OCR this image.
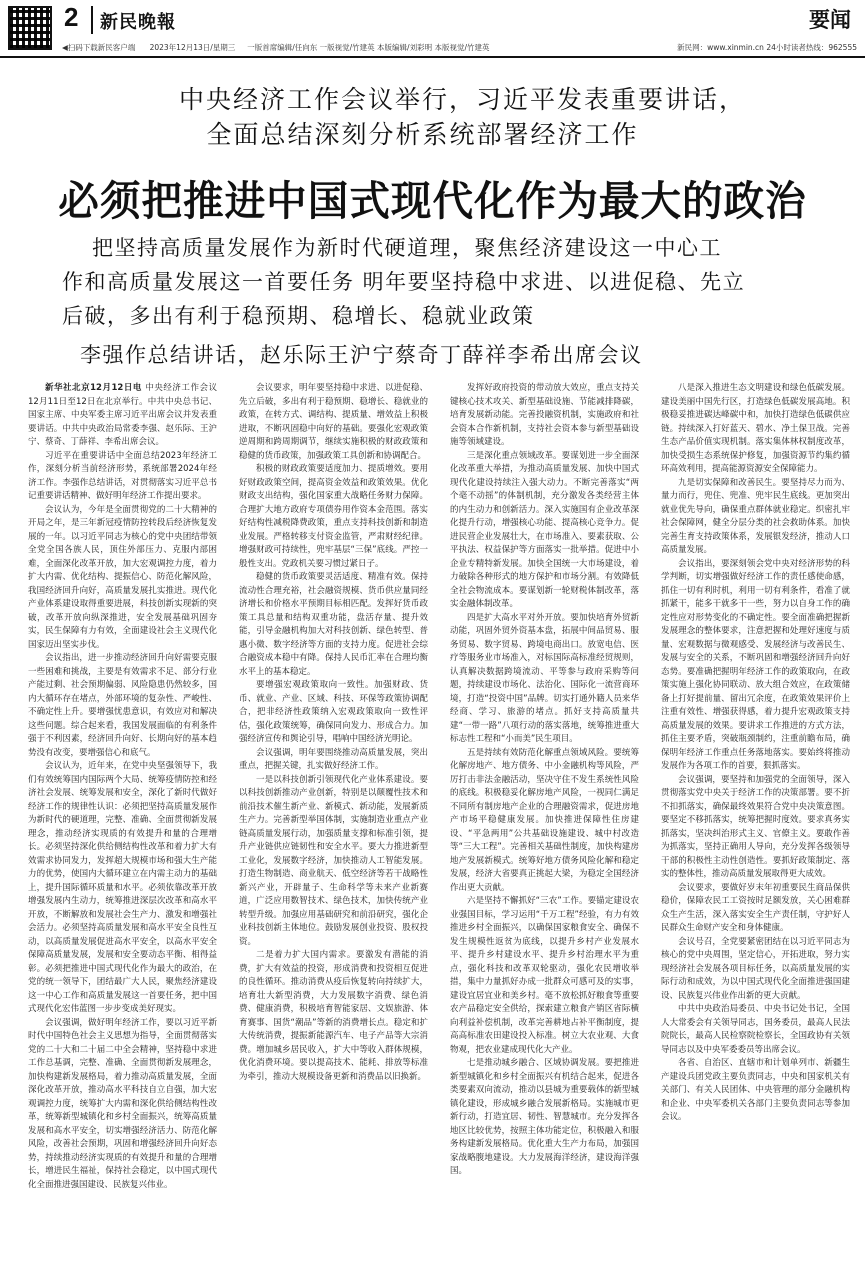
2 新民晚報	要闻
◀扫码下载新民客户端 2023年12月13日/星期三 一版首席编辑/任向东 一版视觉/竹建英 本版编辑/刘彩明 本版视觉/竹建英	新民网：www.xinmin.cn 24小时读者热线：962555
中央经济工作会议举行，习近平发表重要讲话，
全面总结深刻分析系统部署经济工作
必须把推进中国式现代化作为最大的政治
把坚持高质量发展作为新时代硬道理，聚焦经济建设这一中心工
作和高质量发展这一首要任务 明年要坚持稳中求进、以进促稳、先立
后破，多出有利于稳预期、稳增长、稳就业政策
李强作总结讲话，赵乐际王沪宁蔡奇丁薛祥李希出席会议

新华社北京12月12日电 中央经济工作会议12月11日至12日在北京举行。中共中央总书记、国家主席、中央军委主席习近平出席会议并发表重要讲话。中共中央政治局常委李强、赵乐际、王沪宁、蔡奇、丁薛祥、李希出席会议。

习近平在重要讲话中全面总结2023年经济工作，深刻分析当前经济形势，系统部署2024年经济工作。李强作总结讲话，对贯彻落实习近平总书记重要讲话精神、做好明年经济工作提出要求。

会议认为，今年是全面贯彻党的二十大精神的开局之年，是三年新冠疫情防控转段后经济恢复发展的一年。以习近平同志为核心的党中央团结带领全党全国各族人民，顶住外部压力、克服内部困难，全面深化改革开放，加大宏观调控力度，着力扩大内需、优化结构、提振信心、防范化解风险，我国经济回升向好，高质量发展扎实推进。现代化产业体系建设取得重要进展，科技创新实现新的突破，改革开放向纵深推进，安全发展基础巩固夯实，民生保障有力有效，全面建设社会主义现代化国家迈出坚实步伐。

会议指出，进一步推动经济回升向好需要克服一些困难和挑战，主要是有效需求不足、部分行业产能过剩、社会预期偏弱、风险隐患仍然较多，国内大循环存在堵点，外部环境的复杂性、严峻性、不确定性上升。要增强忧患意识，有效应对和解决这些问题。综合起来看，我国发展面临的有利条件强于不利因素，经济回升向好、长期向好的基本趋势没有改变，要增强信心和底气。

会议认为，近年来，在党中央坚强领导下，我们有效统筹国内国际两个大局、统筹疫情防控和经济社会发展、统筹发展和安全，深化了新时代做好经济工作的规律性认识：必须把坚持高质量发展作为新时代的硬道理，完整、准确、全面贯彻新发展理念，推动经济实现质的有效提升和量的合理增长。必须坚持深化供给侧结构性改革和着力扩大有效需求协同发力，发挥超大规模市场和强大生产能力的优势，使国内大循环建立在内需主动力的基础上，提升国际循环质量和水平。必须依靠改革开放增强发展内生动力，统筹推进深层次改革和高水平开放，不断解放和发展社会生产力、激发和增强社会活力。必须坚持高质量发展和高水平安全良性互动，以高质量发展促进高水平安全，以高水平安全保障高质量发展，发展和安全要动态平衡、相得益彰。必须把推进中国式现代化作为最大的政治，在党的统一领导下，团结最广大人民，聚焦经济建设这一中心工作和高质量发展这一首要任务，把中国式现代化宏伟蓝图一步步变成美好现实。

会议强调，做好明年经济工作，要以习近平新时代中国特色社会主义思想为指导，全面贯彻落实党的二十大和二十届二中全会精神，坚持稳中求进工作总基调，完整、准确、全面贯彻新发展理念，加快构建新发展格局，着力推动高质量发展，全面深化改革开放，推动高水平科技自立自强，加大宏观调控力度，统筹扩大内需和深化供给侧结构性改革，统筹新型城镇化和乡村全面振兴，统筹高质量发展和高水平安全，切实增强经济活力、防范化解风险，改善社会预期，巩固和增强经济回升向好态势，持续推动经济实现质的有效提升和量的合理增长，增进民生福祉，保持社会稳定，以中国式现代化全面推进强国建设、民族复兴伟业。

会议要求，明年要坚持稳中求进、以进促稳、先立后破，多出有利于稳预期、稳增长、稳就业的政策，在转方式、调结构、提质量、增效益上积极进取，不断巩固稳中向好的基础。要强化宏观政策逆周期和跨周期调节，继续实施积极的财政政策和稳健的货币政策，加强政策工具创新和协调配合。

积极的财政政策要适度加力、提质增效。要用好财政政策空间，提高资金效益和政策效果。优化财政支出结构，强化国家重大战略任务财力保障。合理扩大地方政府专项债券用作资本金范围。落实好结构性减税降费政策，重点支持科技创新和制造业发展。严格转移支付资金监管，严肃财经纪律。增强财政可持续性，兜牢基层“三保”底线。严控一般性支出。党政机关要习惯过紧日子。

稳健的货币政策要灵活适度、精准有效。保持流动性合理充裕，社会融资规模、货币供应量同经济增长和价格水平预期目标相匹配。发挥好货币政策工具总量和结构双重功能，盘活存量、提升效能，引导金融机构加大对科技创新、绿色转型、普惠小微、数字经济等方面的支持力度。促进社会综合融资成本稳中有降。保持人民币汇率在合理均衡水平上的基本稳定。

要增强宏观政策取向一致性。加强财政、货币、就业、产业、区域、科技、环保等政策协调配合，把非经济性政策纳入宏观政策取向一致性评估，强化政策统筹，确保同向发力、形成合力。加强经济宣传和舆论引导，唱响中国经济光明论。

会议强调，明年要围绕推动高质量发展，突出重点，把握关键，扎实做好经济工作。

一是以科技创新引领现代化产业体系建设。要以科技创新推动产业创新，特别是以颠覆性技术和前沿技术催生新产业、新模式、新动能，发展新质生产力。完善新型举国体制，实施制造业重点产业链高质量发展行动，加强质量支撑和标准引领，提升产业链供应链韧性和安全水平。要大力推进新型工业化，发展数字经济，加快推动人工智能发展。打造生物制造、商业航天、低空经济等若干战略性新兴产业，开辟量子、生命科学等未来产业新赛道，广泛应用数智技术、绿色技术，加快传统产业转型升级。加强应用基础研究和前沿研究，强化企业科技创新主体地位。鼓励发展创业投资、股权投资。

二是着力扩大国内需求。要激发有潜能的消费，扩大有效益的投资，形成消费和投资相互促进的良性循环。推动消费从疫后恢复转向持续扩大，培育壮大新型消费，大力发展数字消费、绿色消费、健康消费，积极培育智能家居、文娱旅游、体育赛事、国货“潮品”等新的消费增长点。稳定和扩大传统消费，提振新能源汽车、电子产品等大宗消费。增加城乡居民收入，扩大中等收入群体规模，优化消费环境。要以提高技术、能耗、排放等标准为牵引，推动大规模设备更新和消费品以旧换新。

发挥好政府投资的带动放大效应，重点支持关键核心技术攻关、新型基础设施、节能减排降碳，培育发展新动能。完善投融资机制，实施政府和社会资本合作新机制，支持社会资本参与新型基础设施等领域建设。

三是深化重点领域改革。要谋划进一步全面深化改革重大举措，为推动高质量发展、加快中国式现代化建设持续注入强大动力。不断完善落实“两个毫不动摇”的体制机制，充分激发各类经营主体的内生动力和创新活力。深入实施国有企业改革深化提升行动，增强核心功能、提高核心竞争力。促进民营企业发展壮大，在市场准入、要素获取、公平执法、权益保护等方面落实一批举措。促进中小企业专精特新发展。加快全国统一大市场建设，着力破除各种形式的地方保护和市场分割。有效降低全社会物流成本。要谋划新一轮财税体制改革，落实金融体制改革。

四是扩大高水平对外开放。要加快培育外贸新动能，巩固外贸外资基本盘，拓展中间品贸易、服务贸易、数字贸易、跨境电商出口。放宽电信、医疗等服务业市场准入，对标国际高标准经贸规则，认真解决数据跨境流动、平等参与政府采购等问题，持续建设市场化、法治化、国际化一流营商环境，打造“投资中国”品牌。切实打通外籍人员来华经商、学习、旅游的堵点。抓好支持高质量共建“一带一路”八项行动的落实落地，统筹推进重大标志性工程和“小而美”民生项目。

五是持续有效防范化解重点领域风险。要统筹化解房地产、地方债务、中小金融机构等风险，严厉打击非法金融活动，坚决守住不发生系统性风险的底线。积极稳妥化解房地产风险，一视同仁满足不同所有制房地产企业的合理融资需求，促进房地产市场平稳健康发展。加快推进保障性住房建设、“平急两用”公共基础设施建设、城中村改造等“三大工程”。完善相关基础性制度，加快构建房地产发展新模式。统筹好地方债务风险化解和稳定发展，经济大省要真正挑起大梁，为稳定全国经济作出更大贡献。

六是坚持不懈抓好“三农”工作。要锚定建设农业强国目标，学习运用“千万工程”经验，有力有效推进乡村全面振兴，以确保国家粮食安全、确保不发生规模性返贫为底线，以提升乡村产业发展水平、提升乡村建设水平、提升乡村治理水平为重点，强化科技和改革双轮驱动，强化农民增收举措，集中力量抓好办成一批群众可感可及的实事，建设宜居宜业和美乡村。毫不放松抓好粮食等重要农产品稳定安全供给，探索建立粮食产销区省际横向利益补偿机制，改革完善耕地占补平衡制度，提高高标准农田建设投入标准。树立大农业观、大食物观，把农业建成现代化大产业。

七是推动城乡融合、区域协调发展。要把推进新型城镇化和乡村全面振兴有机结合起来，促进各类要素双向流动，推动以县城为重要载体的新型城镇化建设，形成城乡融合发展新格局。实施城市更新行动，打造宜居、韧性、智慧城市。充分发挥各地区比较优势，按照主体功能定位，积极融入和服务构建新发展格局。优化重大生产力布局，加强国家战略腹地建设。大力发展海洋经济，建设海洋强国。

八是深入推进生态文明建设和绿色低碳发展。建设美丽中国先行区，打造绿色低碳发展高地。积极稳妥推进碳达峰碳中和，加快打造绿色低碳供应链。持续深入打好蓝天、碧水、净土保卫战。完善生态产品价值实现机制。落实集体林权制度改革，加快受损生态系统保护修复，加强资源节约集约循环高效利用，提高能源资源安全保障能力。

九是切实保障和改善民生。要坚持尽力而为、量力而行，兜住、兜准、兜牢民生底线。更加突出就业优先导向，确保重点群体就业稳定。织密扎牢社会保障网，健全分层分类的社会救助体系。加快完善生育支持政策体系，发展银发经济，推动人口高质量发展。

会议指出，要深刻领会党中央对经济形势的科学判断，切实增强做好经济工作的责任感使命感，抓住一切有利时机，利用一切有利条件，看准了就抓紧干，能多干就多干一些，努力以自身工作的确定性应对形势变化的不确定性。要全面准确把握新发展理念的整体要求，注意把握和处理好速度与质量、宏观数据与微观感受、发展经济与改善民生、发展与安全的关系，不断巩固和增强经济回升向好态势。要准确把握明年经济工作的政策取向，在政策实施上强化协同联动、放大组合效应，在政策储备上打好提前量、留出冗余度，在政策效果评价上注重有效性、增强获得感，着力提升宏观政策支持高质量发展的效果。要讲求工作推进的方式方法，抓住主要矛盾，突破瓶颈制约，注重前瞻布局，确保明年经济工作重点任务落地落实。要始终将推动发展作为各项工作的首要，狠抓落实。

会议强调，要坚持和加强党的全面领导，深入贯彻落实党中央关于经济工作的决策部署。要不折不扣抓落实，确保最终效果符合党中央决策意图。要坚定不移抓落实，统筹把握时度效。要求真务实抓落实，坚决纠治形式主义、官僚主义。要敢作善为抓落实，坚持正确用人导向，充分发挥各级领导干部的积极性主动性创造性。要抓好政策制定、落实的整体性，推动高质量发展取得更大成效。

会议要求，要做好岁末年初重要民生商品保供稳价，保障农民工工资按时足额发放，关心困难群众生产生活，深入落实安全生产责任制，守护好人民群众生命财产安全和身体健康。

会议号召，全党要紧密团结在以习近平同志为核心的党中央周围，坚定信心，开拓进取，努力实现经济社会发展各项目标任务，以高质量发展的实际行动和成效，为以中国式现代化全面推进强国建设、民族复兴伟业作出新的更大贡献。

中共中央政治局委员、中央书记处书记，全国人大常委会有关领导同志，国务委员，最高人民法院院长，最高人民检察院检察长，全国政协有关领导同志以及中央军委委员等出席会议。

各省、自治区、直辖市和计划单列市、新疆生产建设兵团党政主要负责同志，中央和国家机关有关部门、有关人民团体、中央管理的部分金融机构和企业、中央军委机关各部门主要负责同志等参加会议。
